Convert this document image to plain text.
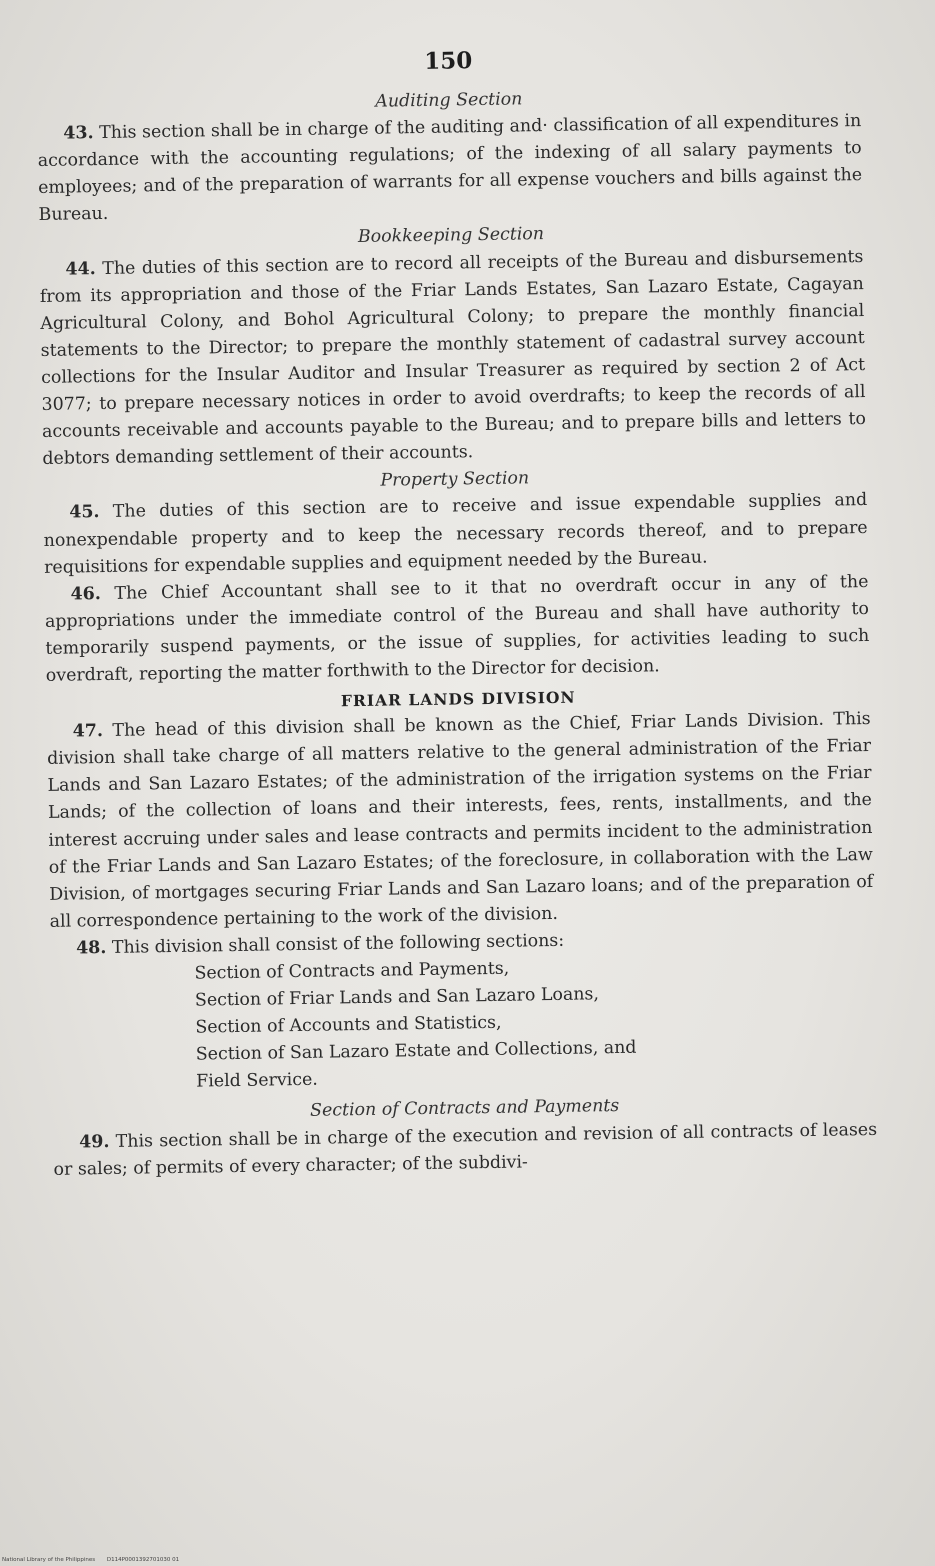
150
Auditing Section

43. This section shall be in charge of the auditing and· classification of all expenditures in accordance with the accounting regulations; of the indexing of all salary payments to employees; and of the preparation of warrants for all expense vouchers and bills against the Bureau.

Bookkeeping Section

44. The duties of this section are to record all receipts of the Bureau and disbursements from its appropriation and those of the Friar Lands Estates, San Lazaro Estate, Cagayan Agricultural Colony, and Bohol Agricultural Colony; to prepare the monthly financial statements to the Director; to prepare the monthly statement of cadastral survey account collections for the Insular Auditor and Insular Treasurer as required by section 2 of Act 3077; to prepare necessary notices in order to avoid overdrafts; to keep the records of all accounts receivable and accounts payable to the Bureau; and to prepare bills and letters to debtors demanding settlement of their accounts.

Property Section

45. The duties of this section are to receive and issue expendable supplies and nonexpendable property and to keep the necessary records thereof, and to prepare requisitions for expendable supplies and equipment needed by the Bureau.

46. The Chief Accountant shall see to it that no overdraft occur in any of the appropriations under the immediate control of the Bureau and shall have authority to temporarily suspend payments, or the issue of supplies, for activities leading to such overdraft, reporting the matter forthwith to the Director for decision.

FRIAR LANDS DIVISION

47. The head of this division shall be known as the Chief, Friar Lands Division. This division shall take charge of all matters relative to the general administration of the Friar Lands and San Lazaro Estates; of the administration of the irrigation systems on the Friar Lands; of the collection of loans and their interests, fees, rents, installments, and the interest accruing under sales and lease contracts and permits incident to the administration of the Friar Lands and San Lazaro Estates; of the foreclosure, in collaboration with the Law Division, of mortgages securing Friar Lands and San Lazaro loans; and of the preparation of all correspondence pertaining to the work of the division.

48. This division shall consist of the following sections:

Section of Contracts and Payments,
Section of Friar Lands and San Lazaro Loans,
Section of Accounts and Statistics,
Section of San Lazaro Estate and Collections, and
Field Service.
Section of Contracts and Payments

49. This section shall be in charge of the execution and revision of all contracts of leases or sales; of permits of every character; of the subdivi-

National Library of the Philippines D114P0001392701030 01
